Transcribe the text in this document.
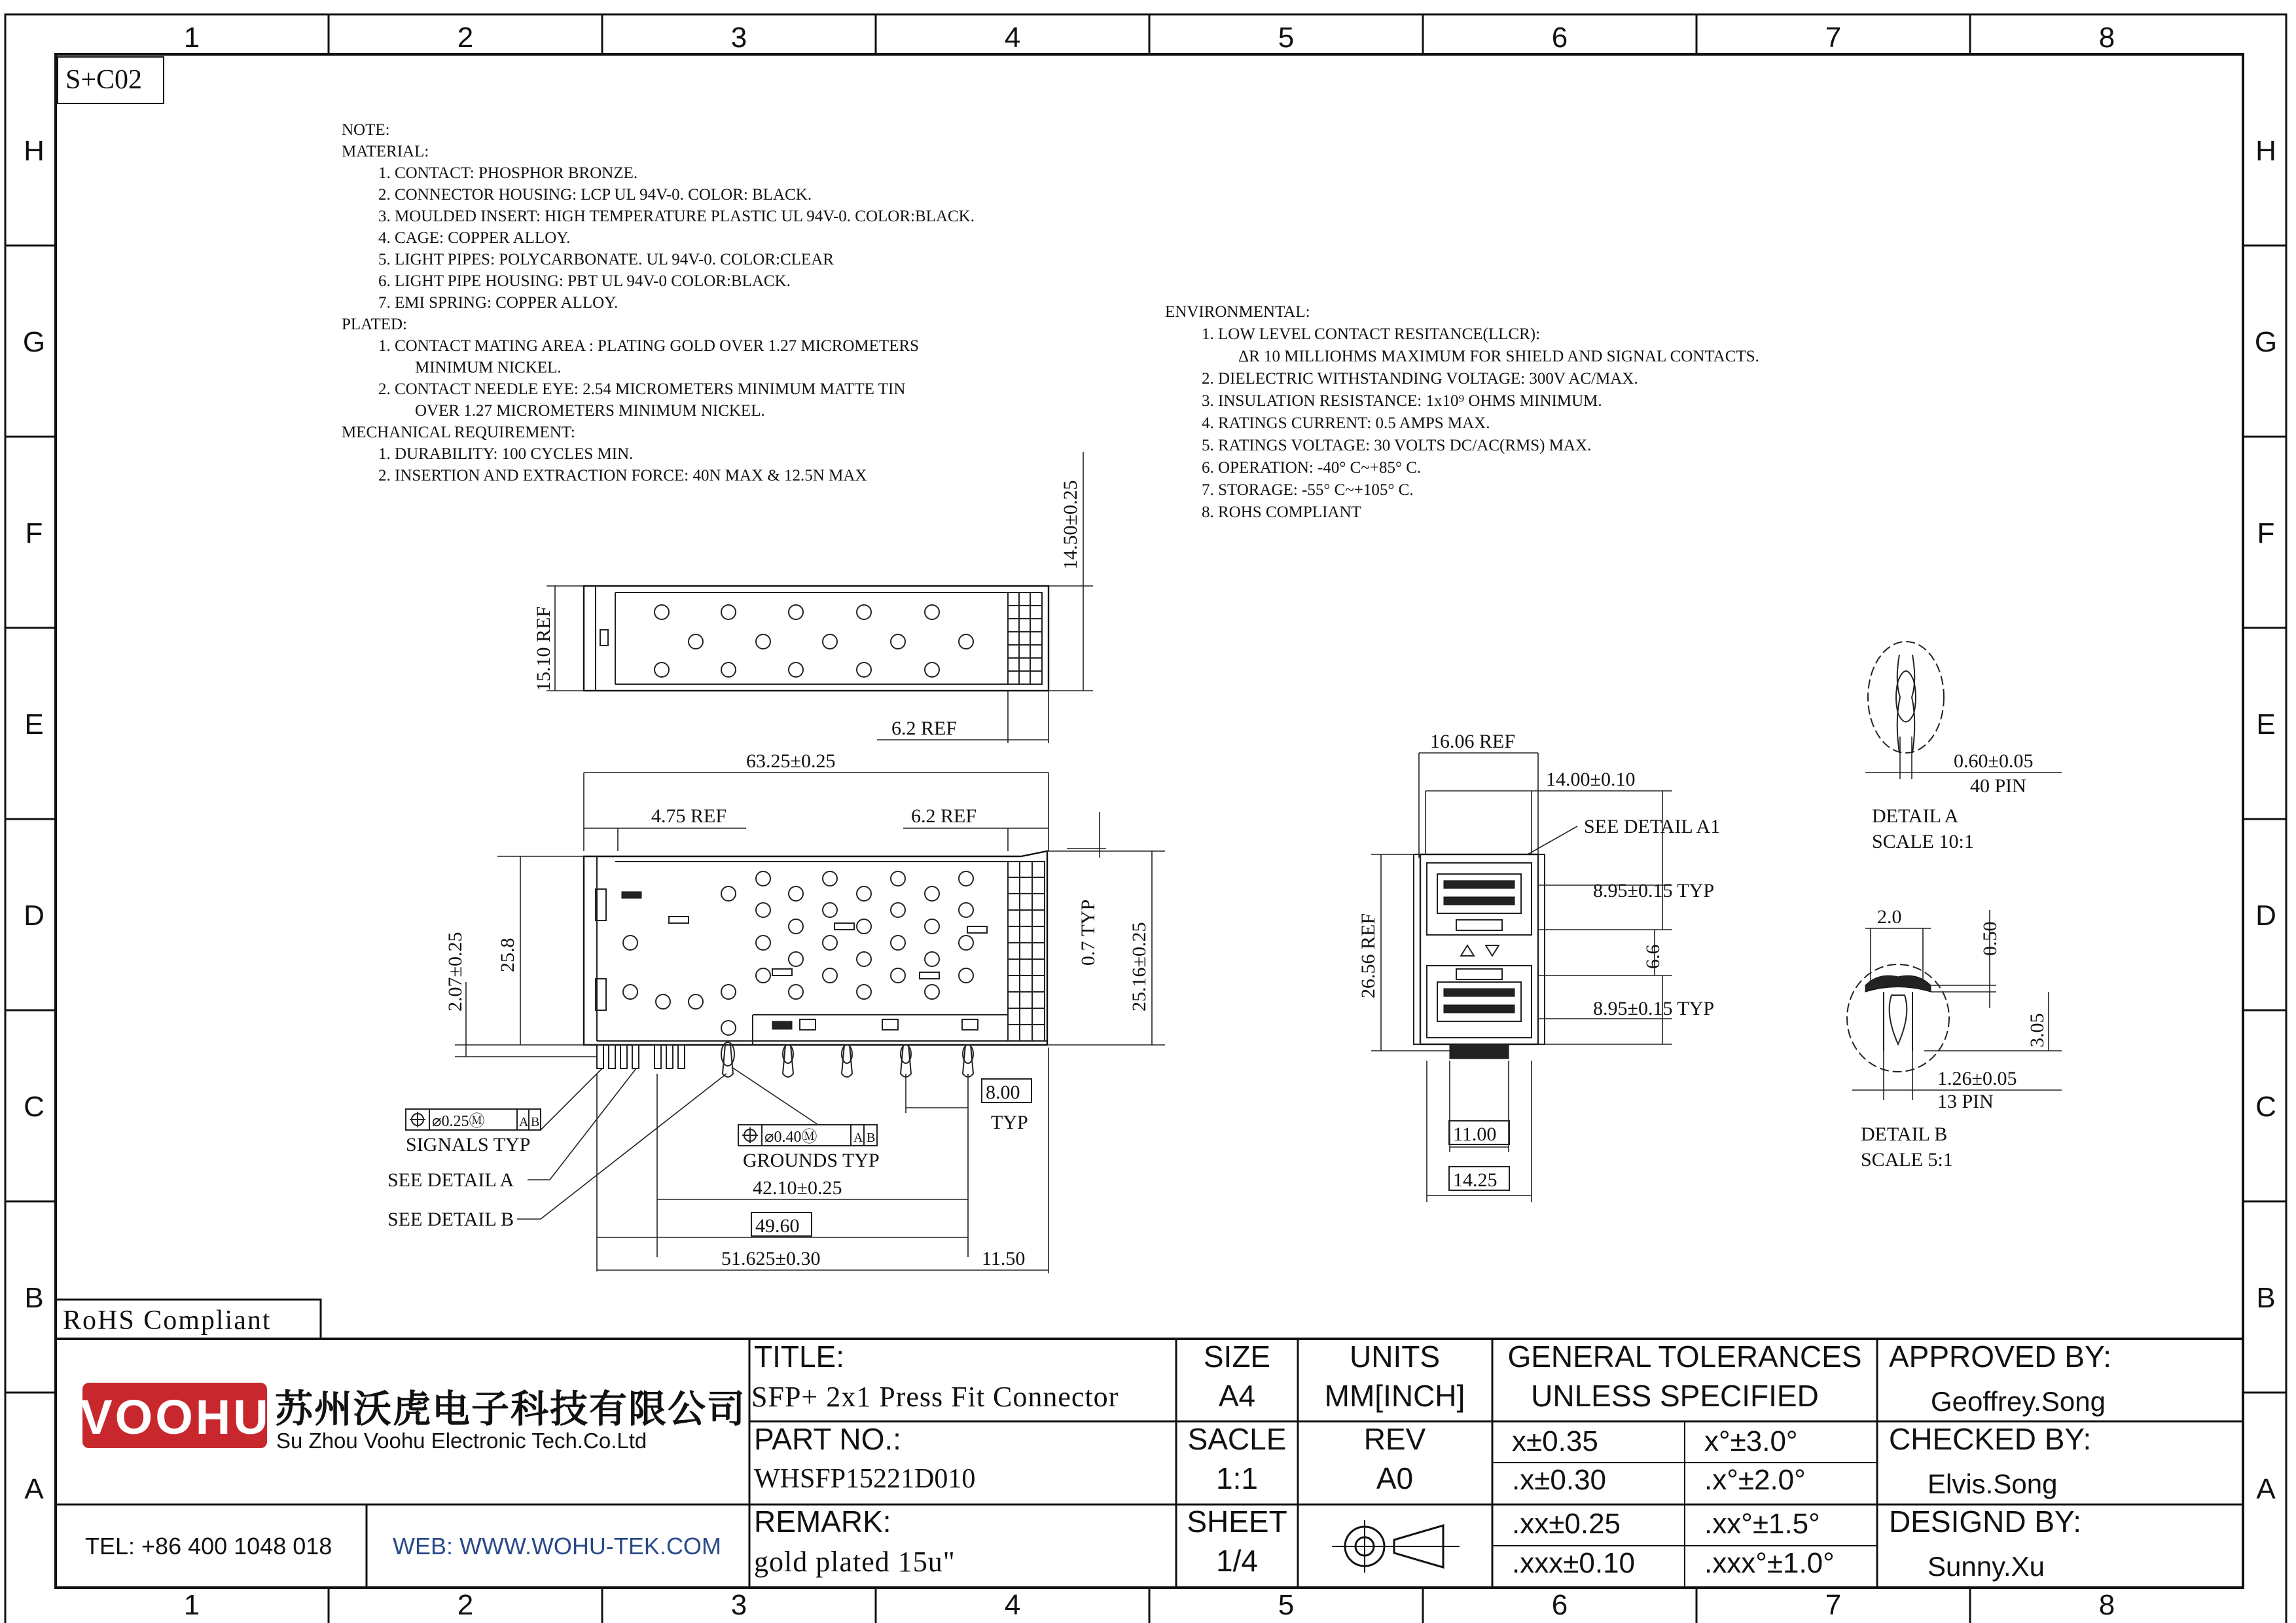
1	2	3	4	5	6	7	8
1	2	3	4	5	6	7	8
H
G
F
E
D
C
B
A
H
G
F
E
D
C
B
A
S+C02
NOTE:
MATERIAL:
1. CONTACT: PHOSPHOR BRONZE.
2. CONNECTOR HOUSING: LCP UL 94V-0. COLOR: BLACK.
3. MOULDED INSERT: HIGH TEMPERATURE PLASTIC UL 94V-0. COLOR:BLACK.
4. CAGE: COPPER ALLOY.
5. LIGHT PIPES: POLYCARBONATE. UL 94V-0. COLOR:CLEAR
6. LIGHT PIPE HOUSING: PBT UL 94V-0 COLOR:BLACK.
7. EMI SPRING: COPPER ALLOY.
PLATED:
1. CONTACT MATING AREA : PLATING GOLD OVER 1.27 MICROMETERS
MINIMUM NICKEL.
2. CONTACT NEEDLE EYE: 2.54 MICROMETERS MINIMUM MATTE TIN
OVER 1.27 MICROMETERS MINIMUM NICKEL.
MECHANICAL REQUIREMENT:
1. DURABILITY: 100 CYCLES MIN.
2. INSERTION AND EXTRACTION FORCE: 40N MAX & 12.5N MAX
ENVIRONMENTAL:
1. LOW LEVEL CONTACT RESITANCE(LLCR):
ΔR 10 MILLIOHMS MAXIMUM FOR SHIELD AND SIGNAL CONTACTS.
2. DIELECTRIC WITHSTANDING VOLTAGE: 300V AC/MAX.
3. INSULATION RESISTANCE: 1x10⁹ OHMS MINIMUM.
4. RATINGS CURRENT: 0.5 AMPS MAX.
5. RATINGS VOLTAGE: 30 VOLTS DC/AC(RMS) MAX.
6. OPERATION: -40° C~+85° C.
7. STORAGE: -55° C~+105° C.
8. ROHS COMPLIANT
15.10 REF
14.50±0.25
6.2 REF
63.25±0.25
4.75 REF	6.2 REF
25.8
2.07±0.25	0.7 TYP 25.16±0.25
⌀0.25Ⓜ	A B
SIGNALS TYP	⌀0.40Ⓜ	A B
GROUNDS TYP
SEE DETAIL A
SEE DETAIL B
8.00
TYP
42.10±0.25
49.60
51.625±0.30	11.50
16.06 REF
14.00±0.10
SEE DETAIL A1
8.95±0.15 TYP
6.6
8.95±0.15 TYP
26.56 REF
11.00
14.25
0.60±0.05
40 PIN
DETAIL A
SCALE 10:1
2.0
0.50
3.05
1.26±0.05
13 PIN
DETAIL B
SCALE 5:1
RoHS Compliant
VOOHU 苏州沃虎电子科技有限公司
Su Zhou Voohu Electronic Tech.Co.Ltd
TEL: +86 400 1048 018	WEB: WWW.WOHU-TEK.COM
TITLE:
SFP+ 2x1 Press Fit Connector
PART NO.:
WHSFP15221D010
REMARK:
gold plated 15u"
SIZE
A4
UNITS
MM[INCH]
SACLE
1:1
REV
A0
SHEET
1/4
GENERAL TOLERANCES
UNLESS SPECIFIED
x±0.35	x°±3.0°
.x±0.30	.x°±2.0°
.xx±0.25	.xx°±1.5°
.xxx±0.10 .xxx°±1.0°
APPROVED BY:
Geoffrey.Song
CHECKED BY:
Elvis.Song
DESIGND BY:
Sunny.Xu
